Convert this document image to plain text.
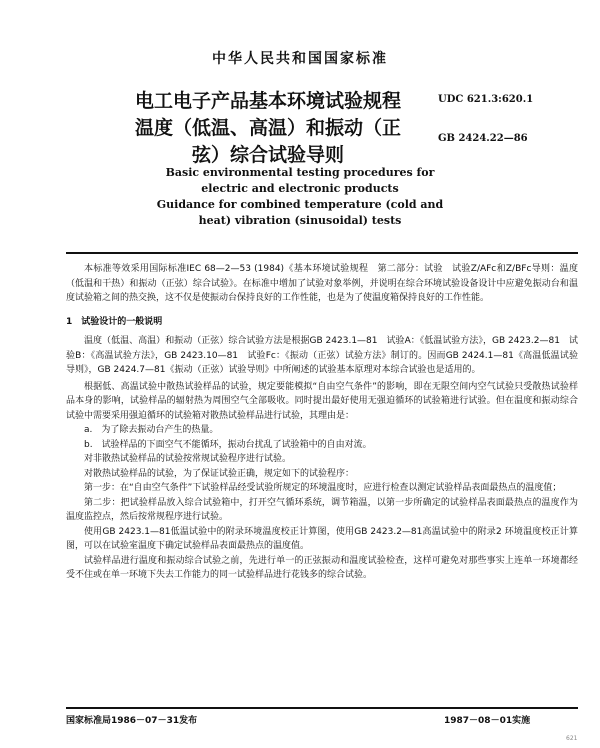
中华人民共和国国家标准
电工电子产品基本环境试验规程
温度（低温、高温）和振动（正
弦）综合试验导则
UDC 621.3:620.1
GB 2424.22—86
Basic environmental testing procedures for
electric and electronic products
Guidance for combined temperature (cold and
heat) vibration (sinusoidal) tests

本标准等效采用国际标准IEC 68—2—53 (1984)《基本环境试验规程　第二部分：试验　试验Z/AFc和Z/BFc导则：温度（低温和干热）和振动（正弦）综合试验》。在标准中增加了试验对象举例，并说明在综合环境试验设备设计中应避免振动台和温度试验箱之间的热交换，这不仅是使振动台保持良好的工作性能，也是为了使温度箱保持良好的工作性能。

1　试验设计的一般说明

温度（低温、高温）和振动（正弦）综合试验方法是根据GB 2423.1—81　试验A：《低温试验方法》，GB 2423.2—81　试验B：《高温试验方法》，GB 2423.10—81　试验Fc：《振动（正弦）试验方法》制订的。因而GB 2424.1—81《高温低温试验导则》，GB 2424.7—81《振动（正弦）试验导则》中所阐述的试验基本原理对本综合试验也是适用的。

根据低、高温试验中散热试验样品的试验，规定要能模拟“自由空气条件”的影响，即在无限空间内空气试验只受散热试验样品本身的影响，试验样品的辐射热为周围空气全部吸收。同时提出最好使用无强迫循环的试验箱进行试验。但在温度和振动综合试验中需要采用强迫循环的试验箱对散热试验样品进行试验，其理由是：

a.　为了除去振动台产生的热量。

b.　试验样品的下面空气不能循环，振动台扰乱了试验箱中的自由对流。

对非散热试验样品的试验按常规试验程序进行试验。

对散热试验样品的试验，为了保证试验正确，规定如下的试验程序：

第一步：在“自由空气条件”下试验样品经受试验所规定的环境温度时，应进行检查以测定试验样品表面最热点的温度值；

第二步：把试验样品放入综合试验箱中，打开空气循环系统，调节箱温，以第一步所确定的试验样品表面最热点的温度作为温度监控点，然后按常规程序进行试验。

使用GB 2423.1—81低温试验中的附录环境温度校正计算图，使用GB 2423.2—81高温试验中的附录2 环境温度校正计算图，可以在试验室温度下确定试验样品表面最热点的温度值。

试验样品进行温度和振动综合试验之前，先进行单一的正弦振动和温度试验检查，这样可避免对那些事实上连单一环境都经受不住或在单一环境下失去工作能力的同一试验样品进行花钱多的综合试验。

国家标准局1986－07－31发布	1987－08－01实施
621
